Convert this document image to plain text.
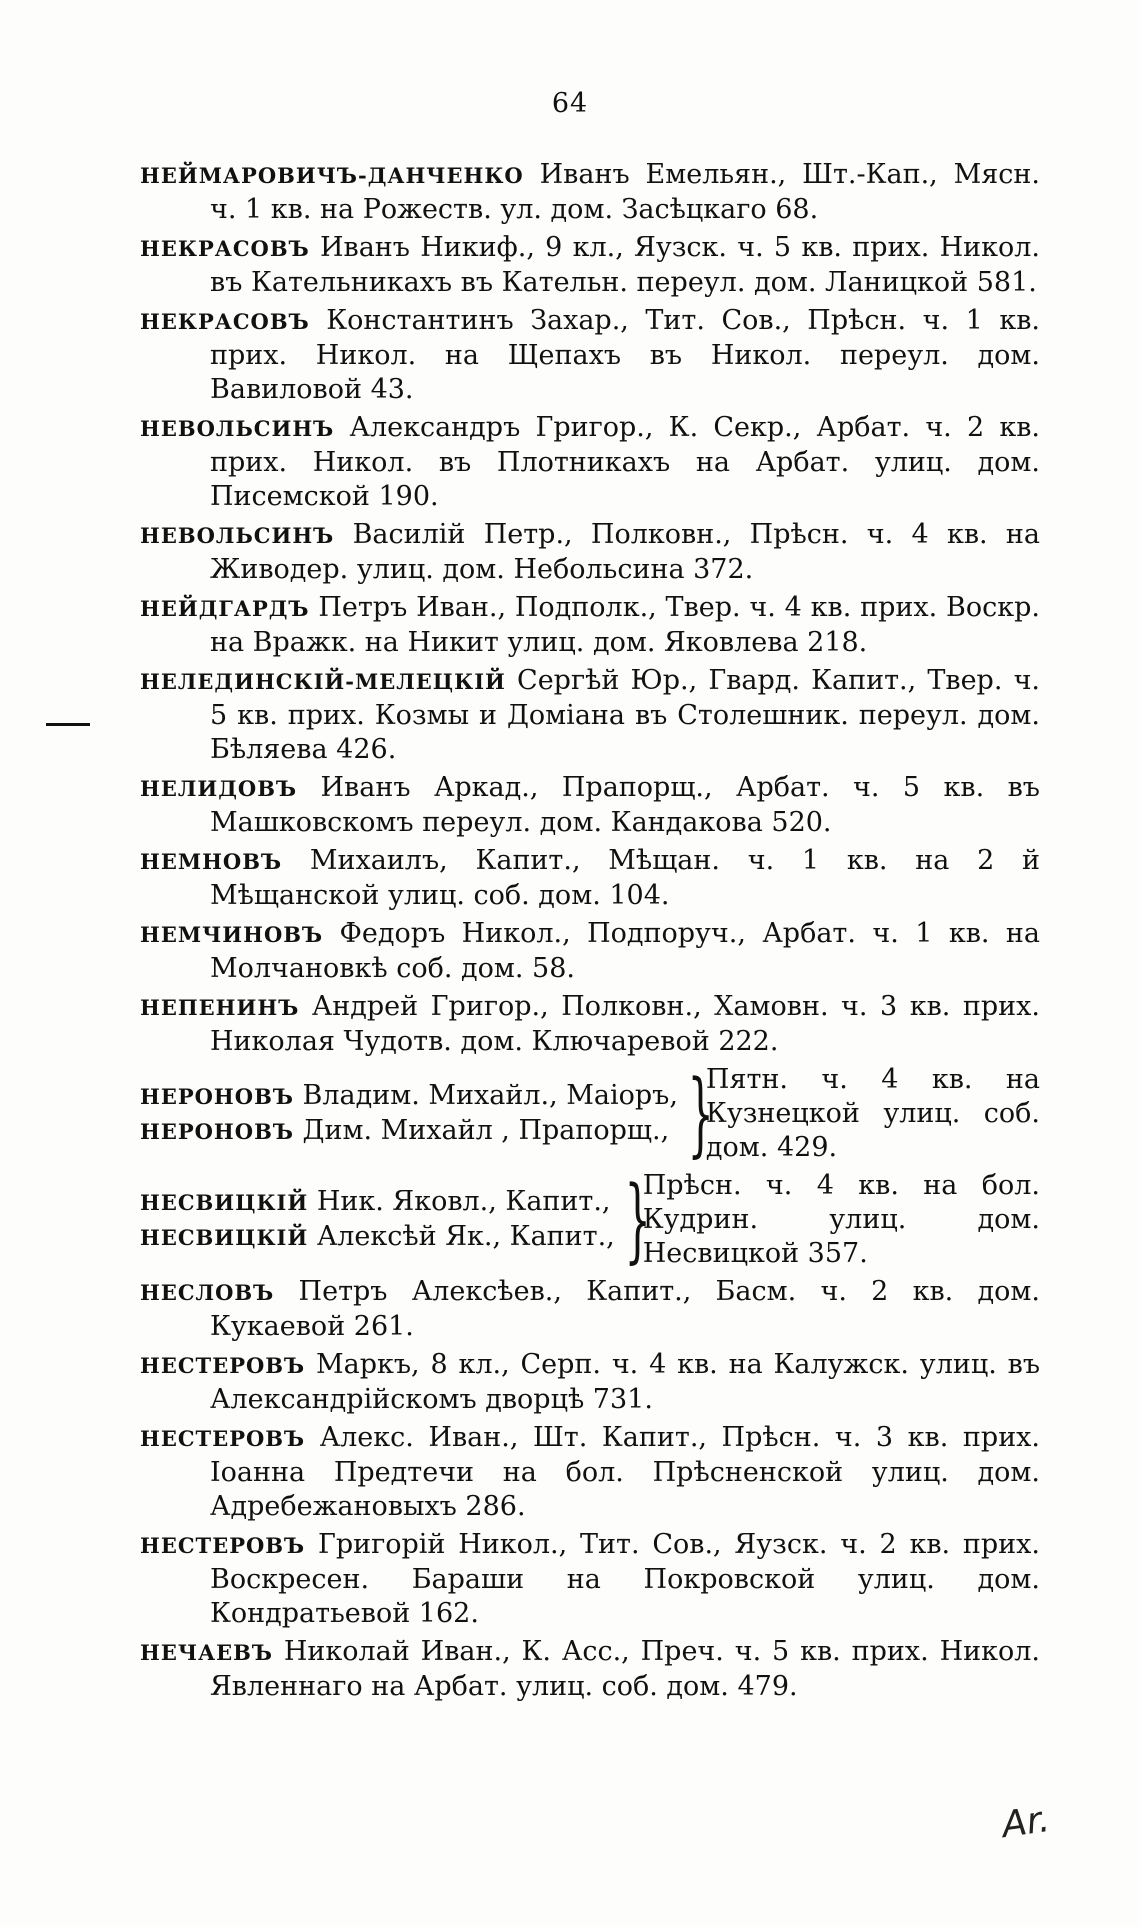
64
НЕЙМАРОВИЧЪ-ДАНЧЕНКО Иванъ Емельян., Шт.-Кап., Мясн. ч. 1 кв. на Рожеств. ул. дом. Засѣцкаго 68.
НЕКРАСОВЪ Иванъ Никиф., 9 кл., Яузск. ч. 5 кв. прих. Никол. въ Кательникахъ въ Кательн. переул. дом. Ланицкой 581.
НЕКРАСОВЪ Константинъ Захар., Тит. Сов., Прѣсн. ч. 1 кв. прих. Никол. на Щепахъ въ Никол. переул. дом. Вавиловой 43.
НЕВОЛЬСИНЪ Александръ Григор., К. Секр., Арбат. ч. 2 кв. прих. Никол. въ Плотникахъ на Арбат. улиц. дом. Писемской 190.
НЕВОЛЬСИНЪ Василій Петр., Полковн., Прѣсн. ч. 4 кв. на Живодер. улиц. дом. Небольсина 372.
НЕЙДГАРДЪ Петръ Иван., Подполк., Твер. ч. 4 кв. прих. Воскр. на Вражк. на Никит улиц. дом. Яковлева 218.
НЕЛЕДИНСКІЙ-МЕЛЕЦКІЙ Сергѣй Юр., Гвард. Капит., Твер. ч. 5 кв. прих. Козмы и Доміана въ Столешник. переул. дом. Бѣляева 426.
НЕЛИДОВЪ Иванъ Аркад., Прапорщ., Арбат. ч. 5 кв. въ Машковскомъ переул. дом. Кандакова 520.
НЕМНОВЪ Михаилъ, Капит., Мѣщан. ч. 1 кв. на 2 й Мѣщанской улиц. соб. дом. 104.
НЕМЧИНОВЪ Федоръ Никол., Подпоруч., Арбат. ч. 1 кв. на Молчановкѣ соб. дом. 58.
НЕПЕНИНЪ Андрей Григор., Полковн., Хамовн. ч. 3 кв. прих. Николая Чудотв. дом. Ключаревой 222.
НЕРОНОВЪ Владим. Михайл., Маіоръ,
НЕРОНОВЪ Дим. Михайл , Прапорщ., }
Пятн. ч. 4 кв. на Кузнецкой улиц. соб. дом. 429.
НЕСВИЦКІЙ Ник. Яковл., Капит.,
НЕСВИЦКІЙ Алексѣй Як., Капит., }
Прѣсн. ч. 4 кв. на бол. Кудрин. улиц. дом. Несвицкой 357.
НЕСЛОВЪ Петръ Алексѣев., Капит., Басм. ч. 2 кв. дом. Кукаевой 261.
НЕСТЕРОВЪ Маркъ, 8 кл., Серп. ч. 4 кв. на Калужск. улиц. въ Александрійскомъ дворцѣ 731.
НЕСТЕРОВЪ Алекс. Иван., Шт. Капит., Прѣсн. ч. 3 кв. прих. Іоанна Предтечи на бол. Прѣсненской улиц. дом. Адребежановыхъ 286.
НЕСТЕРОВЪ Григорій Никол., Тит. Сов., Яузск. ч. 2 кв. прих. Воскресен. Бараши на Покровской улиц. дом. Кондратьевой 162.
НЕЧАЕВЪ Николай Иван., К. Асс., Преч. ч. 5 кв. прих. Никол. Явленнаго на Арбат. улиц. соб. дом. 479.
Ar.
